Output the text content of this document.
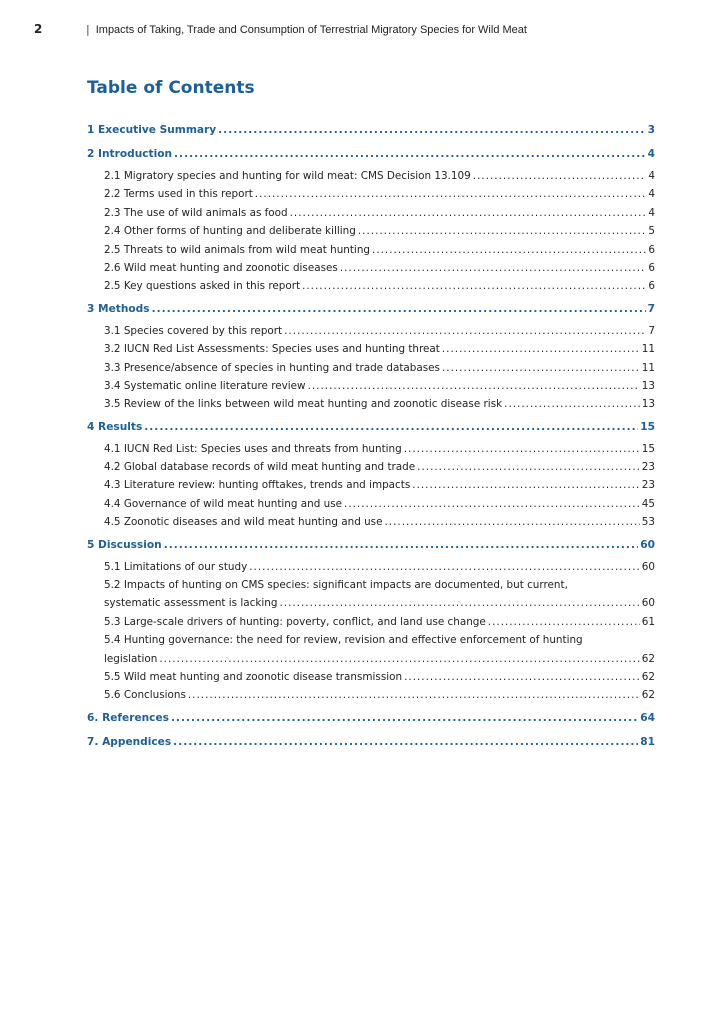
2	| Impacts of Taking, Trade and Consumption of Terrestrial Migratory Species for Wild Meat
Table of Contents
1 Executive Summary .....	3
2 Introduction .....	4
2.1 Migratory species and hunting for wild meat: CMS Decision 13.109 .....	4
2.2 Terms used in this report .....	4
2.3 The use of wild animals as food .....	4
2.4 Other forms of hunting and deliberate killing .....	5
2.5 Threats to wild animals from wild meat hunting .....	6
2.6 Wild meat hunting and zoonotic diseases .....	6
2.5 Key questions asked in this report .....	6
3 Methods .....	7
3.1 Species covered by this report .....	7
3.2 IUCN Red List Assessments: Species uses and hunting threat .....	11
3.3 Presence/absence of species in hunting and trade databases .....	11
3.4 Systematic online literature review .....	13
3.5 Review of the links between wild meat hunting and zoonotic disease risk .....	13
4 Results .....	15
4.1 IUCN Red List: Species uses and threats from hunting .....	15
4.2 Global database records of wild meat hunting and trade .....	23
4.3 Literature review: hunting offtakes, trends and impacts .....	23
4.4 Governance of wild meat hunting and use .....	45
4.5 Zoonotic diseases and wild meat hunting and use .....	53
5 Discussion .....	60
5.1 Limitations of our study .....	60
5.2 Impacts of hunting on CMS species: significant impacts are documented, but current,
systematic assessment is lacking .....	60
5.3 Large-scale drivers of hunting: poverty, conflict, and land use change .....	61
5.4 Hunting governance: the need for review, revision and effective enforcement of hunting
legislation .....	62
5.5 Wild meat hunting and zoonotic disease transmission .....	62
5.6 Conclusions .....	62
6. References .....	64
7. Appendices .....	81
